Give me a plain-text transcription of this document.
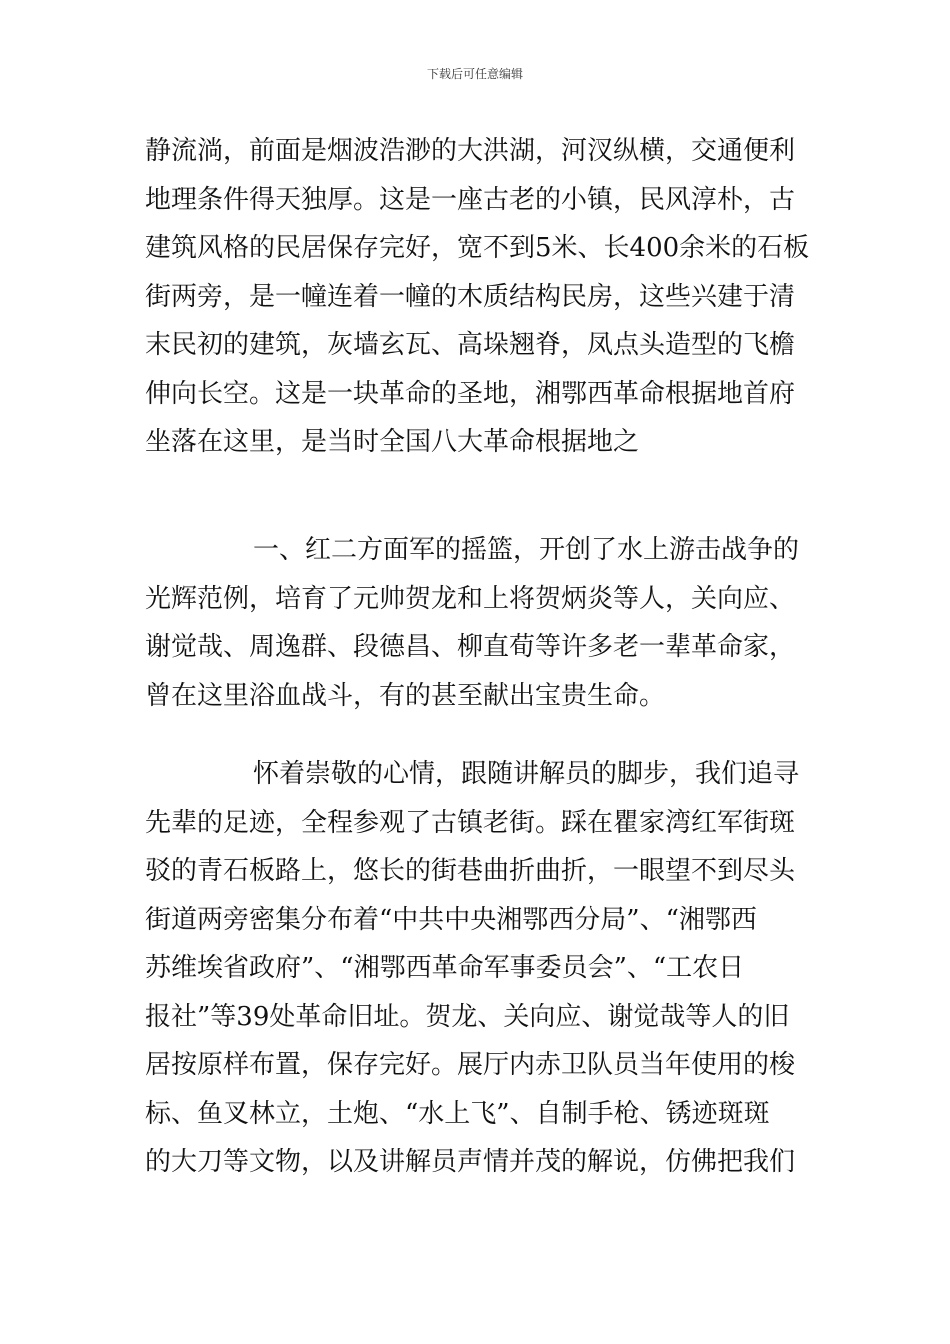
下载后可任意编辑
静流淌，前面是烟波浩渺的大洪湖，河汊纵横，交通便利
地理条件得天独厚。这是一座古老的小镇，民风淳朴，古
建筑风格的民居保存完好，宽不到5米、长400余米的石板
街两旁，是一幢连着一幢的木质结构民房，这些兴建于清
末民初的建筑，灰墙玄瓦、高垛翘脊，凤点头造型的飞檐
伸向长空。这是一块革命的圣地，湘鄂西革命根据地首府
坐落在这里，是当时全国八大革命根据地之
一、红二方面军的摇篮，开创了水上游击战争的
光辉范例，培育了元帅贺龙和上将贺炳炎等人，关向应、
谢觉哉、周逸群、段德昌、柳直荀等许多老一辈革命家，
曾在这里浴血战斗，有的甚至献出宝贵生命。
怀着崇敬的心情，跟随讲解员的脚步，我们追寻
先辈的足迹，全程参观了古镇老街。踩在瞿家湾红军街斑
驳的青石板路上，悠长的街巷曲折曲折，一眼望不到尽头
街道两旁密集分布着“中共中央湘鄂西分局”、“湘鄂西
苏维埃省政府”、“湘鄂西革命军事委员会”、“工农日
报社”等39处革命旧址。贺龙、关向应、谢觉哉等人的旧
居按原样布置，保存完好。展厅内赤卫队员当年使用的梭
标、鱼叉林立，土炮、“水上飞”、自制手枪、锈迹斑斑
的大刀等文物，以及讲解员声情并茂的解说，仿佛把我们
